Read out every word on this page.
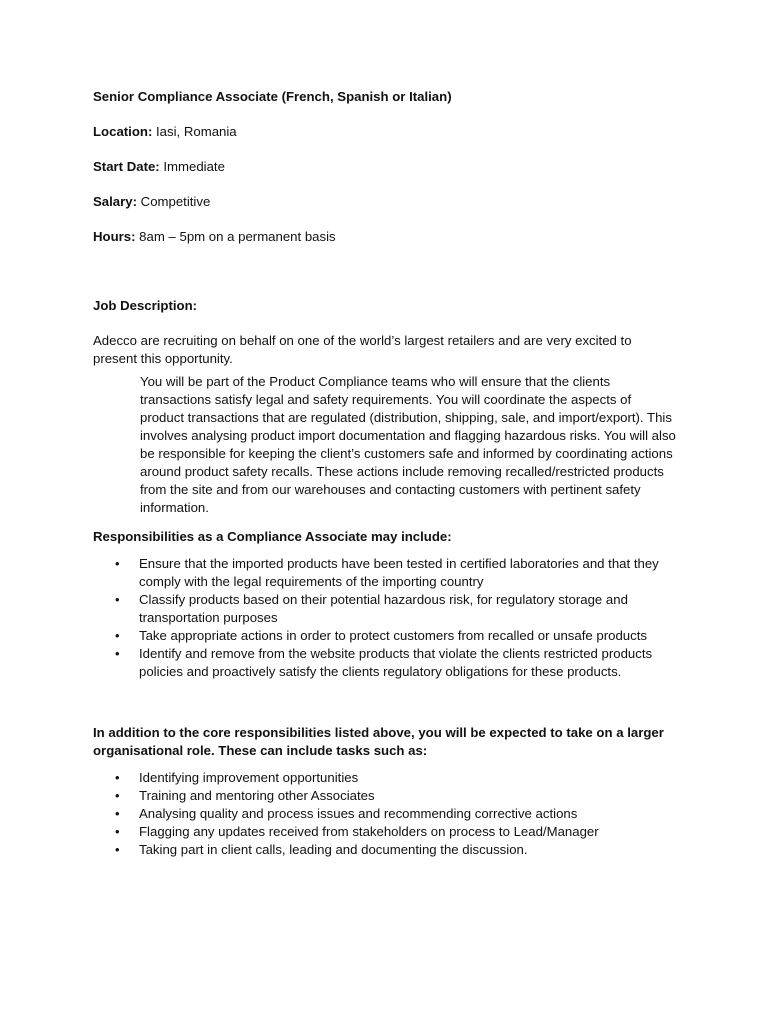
Senior Compliance Associate (French, Spanish or Italian)

Location: Iasi, Romania

Start Date: Immediate

Salary: Competitive

Hours: 8am – 5pm on a permanent basis

Job Description:

Adecco are recruiting on behalf on one of the world’s largest retailers and are very excited to present this opportunity.

You will be part of the Product Compliance teams who will ensure that the clients transactions satisfy legal and safety requirements. You will coordinate the aspects of product transactions that are regulated (distribution, shipping, sale, and import/export). This involves analysing product import documentation and flagging hazardous risks. You will also be responsible for keeping the client’s customers safe and informed by coordinating actions around product safety recalls. These actions include removing recalled/restricted products from the site and from our warehouses and contacting customers with pertinent safety information.

Responsibilities as a Compliance Associate may include:

• Ensure that the imported products have been tested in certified laboratories and that they comply with the legal requirements of the importing country
• Classify products based on their potential hazardous risk, for regulatory storage and transportation purposes
• Take appropriate actions in order to protect customers from recalled or unsafe products
• Identify and remove from the website products that violate the clients restricted products policies and proactively satisfy the clients regulatory obligations for these products.

In addition to the core responsibilities listed above, you will be expected to take on a larger organisational role. These can include tasks such as:

• Identifying improvement opportunities
• Training and mentoring other Associates
• Analysing quality and process issues and recommending corrective actions
• Flagging any updates received from stakeholders on process to Lead/Manager
• Taking part in client calls, leading and documenting the discussion.
